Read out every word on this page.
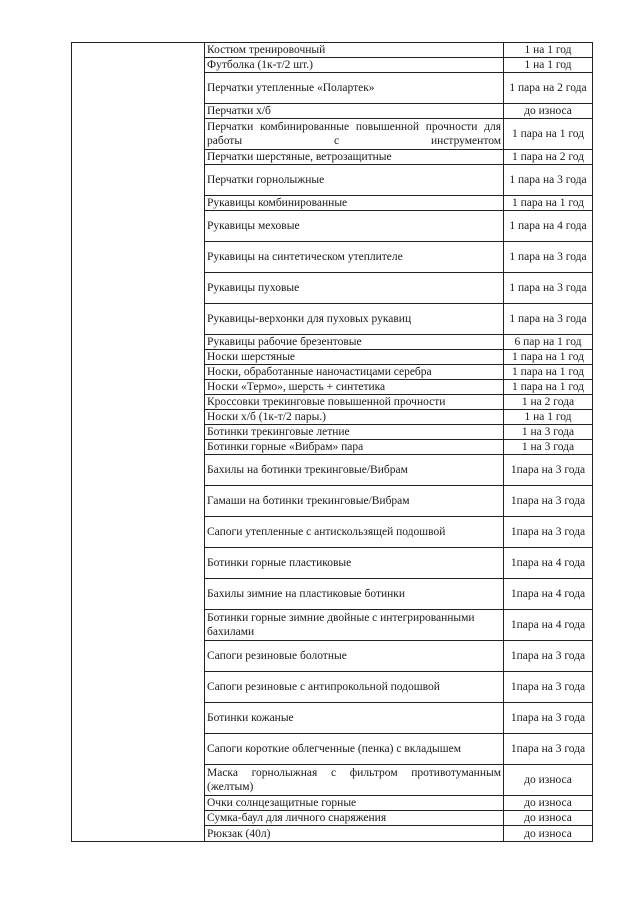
	Костюм тренировочный	1 на 1 год
	Футболка (1к-т/2 шт.)	1 на 1 год
	Перчатки утепленные «Полартек»	1 пара на 2 года
	Перчатки х/б	до износа
	Перчатки комбинированные повышенной прочности для работы с инструментом	1 пара на 1 год
	Перчатки шерстяные, ветрозащитные	1 пара на 2 год
	Перчатки горнолыжные	1 пара на 3 года
	Рукавицы комбинированные	1 пара на 1 год
	Рукавицы меховые	1 пара на 4 года
	Рукавицы на синтетическом утеплителе	1 пара на 3 года
	Рукавицы пуховые	1 пара на 3 года
	Рукавицы-верхонки для пуховых рукавиц	1 пара на 3 года
	Рукавицы рабочие брезентовые	6 пар на 1 год
	Носки шерстяные	1 пара на 1 год
	Носки, обработанные наночастицами серебра	1 пара на 1 год
	Носки «Термо», шерсть + синтетика	1 пара на 1 год
	Кроссовки трекинговые повышенной прочности	1 на 2 года
	Носки х/б (1к-т/2 пары.)	1 на 1 год
	Ботинки трекинговые летние	1 на 3 года
	Ботинки горные «Вибрам» пара	1 на 3 года
	Бахилы на ботинки трекинговые/Вибрам	1пара на 3 года
	Гамаши на ботинки трекинговые/Вибрам	1пара на 3 года
	Сапоги утепленные с антискользящей подошвой	1пара на 3 года
	Ботинки горные пластиковые	1пара на 4 года
	Бахилы зимние на пластиковые ботинки	1пара на 4 года
	Ботинки горные зимние двойные с интегрированными бахилами	1пара на 4 года
	Сапоги резиновые болотные	1пара на 3 года
	Сапоги резиновые с антипрокольной подошвой	1пара на 3 года
	Ботинки кожаные	1пара на 3 года
	Сапоги короткие облегченные (пенка) с вкладышем	1пара на 3 года
	Маска горнолыжная с фильтром противотуманным (желтым)	до износа
	Очки солнцезащитные горные	до износа
	Сумка-баул для личного снаряжения	до износа
	Рюкзак (40л)	до износа
